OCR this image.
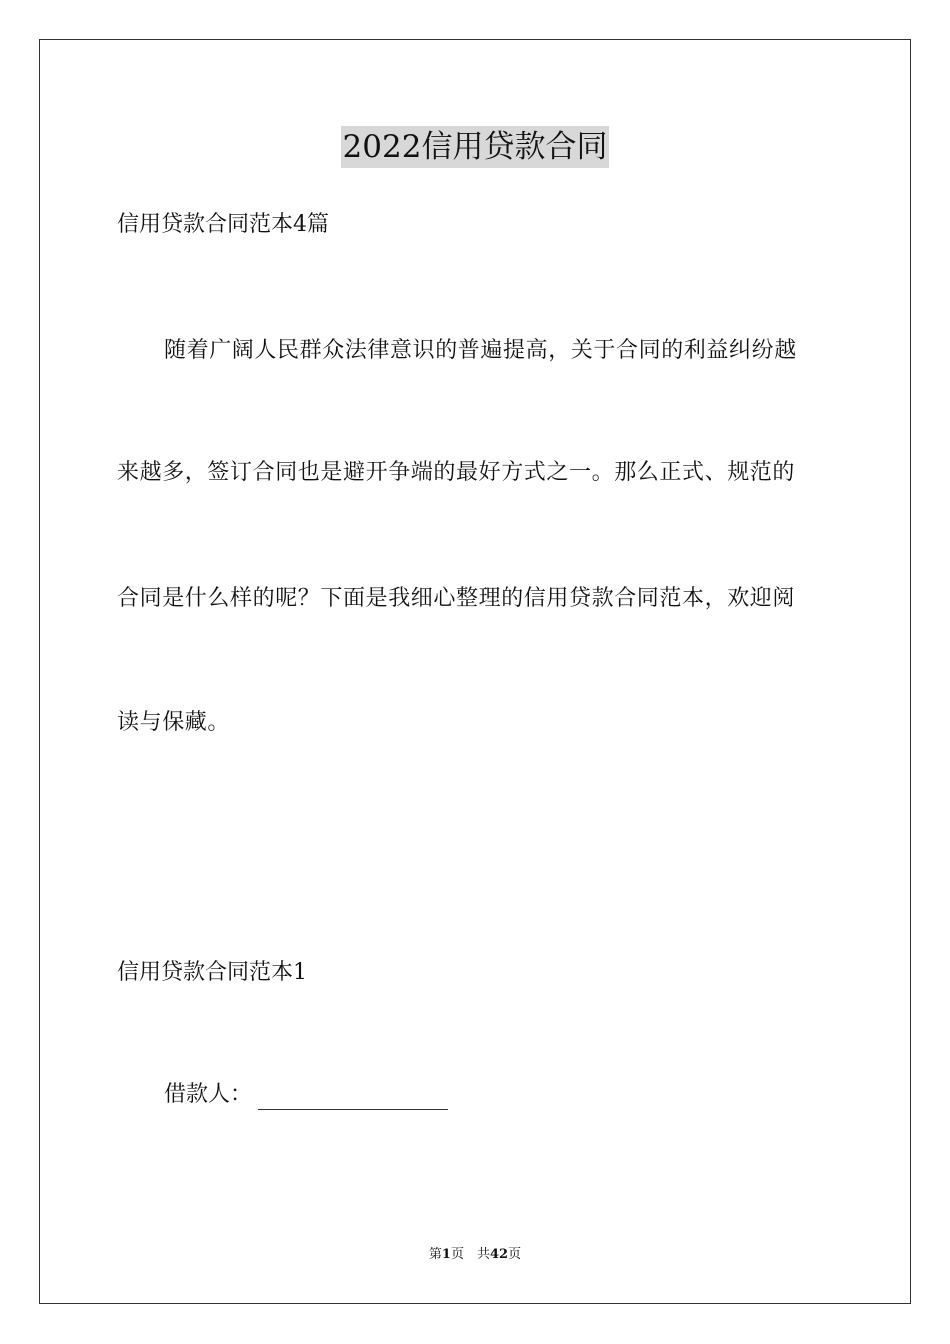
2022信用贷款合同
信用贷款合同范本4篇
随着广阔人民群众法律意识的普遍提高，关于合同的利益纠纷越
来越多，签订合同也是避开争端的最好方式之一。那么正式、规范的
合同是什么样的呢？下面是我细心整理的信用贷款合同范本，欢迎阅
读与保藏。
信用贷款合同范本1
借款人：
第1页　共42页
